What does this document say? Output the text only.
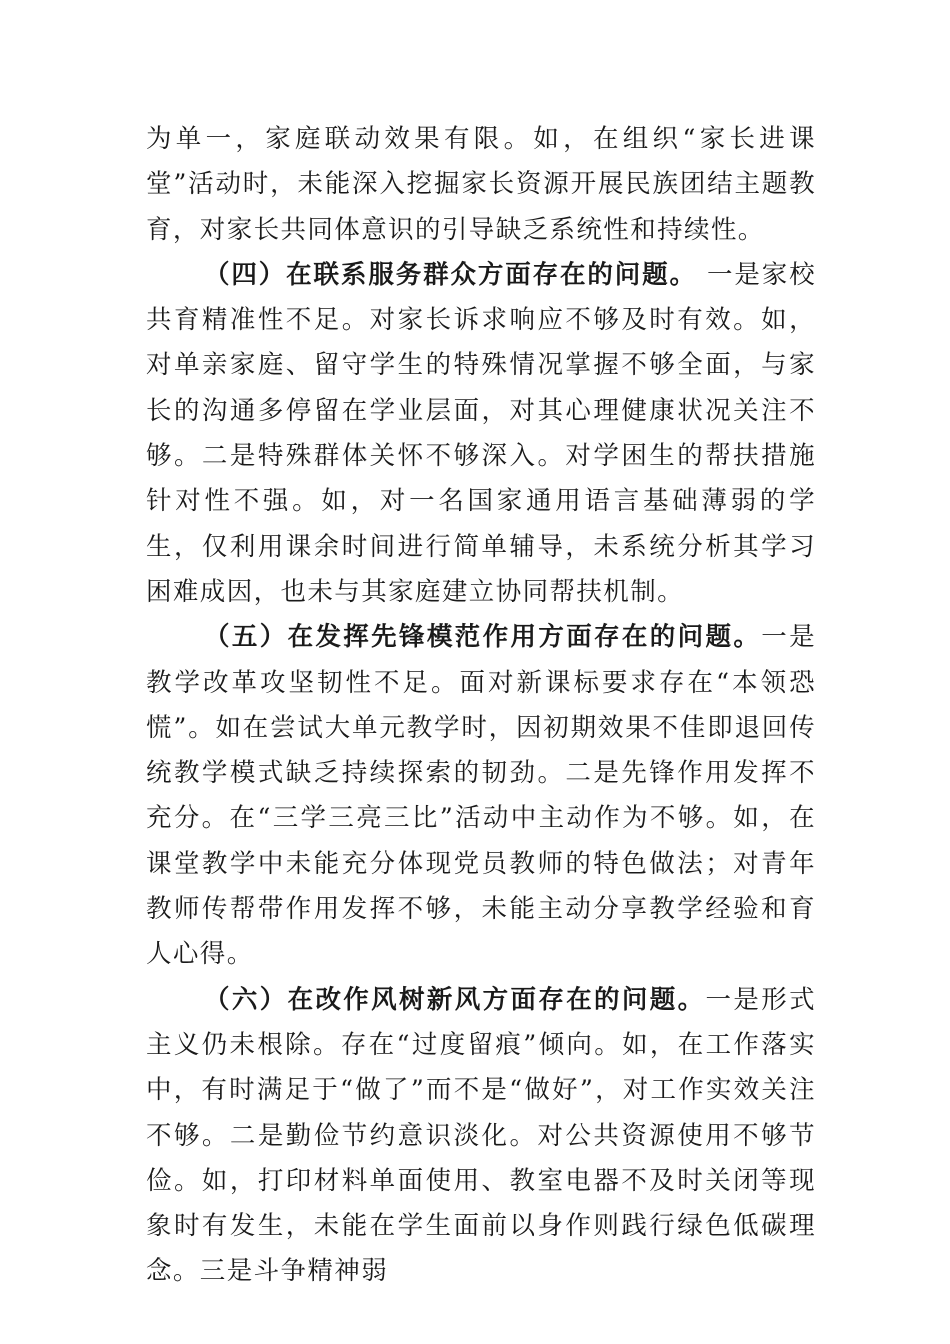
为单一，家庭联动效果有限。如，在组织“家长进课堂”活动时，未能深入挖掘家长资源开展民族团结主题教育，对家长共同体意识的引导缺乏系统性和持续性。

（四）在联系服务群众方面存在的问题。 一是家校共育精准性不足。对家长诉求响应不够及时有效。如，对单亲家庭、留守学生的特殊情况掌握不够全面，与家长的沟通多停留在学业层面，对其心理健康状况关注不够。二是特殊群体关怀不够深入。对学困生的帮扶措施针对性不强。如，对一名国家通用语言基础薄弱的学生，仅利用课余时间进行简单辅导，未系统分析其学习困难成因，也未与其家庭建立协同帮扶机制。

（五）在发挥先锋模范作用方面存在的问题。一是教学改革攻坚韧性不足。面对新课标要求存在“本领恐慌”。如在尝试大单元教学时，因初期效果不佳即退回传统教学模式缺乏持续探索的韧劲。二是先锋作用发挥不充分。在“三学三亮三比”活动中主动作为不够。如，在课堂教学中未能充分体现党员教师的特色做法；对青年教师传帮带作用发挥不够，未能主动分享教学经验和育人心得。

（六）在改作风树新风方面存在的问题。一是形式主义仍未根除。存在“过度留痕”倾向。如，在工作落实中，有时满足于“做了”而不是“做好”，对工作实效关注不够。二是勤俭节约意识淡化。对公共资源使用不够节俭。如，打印材料单面使用、教室电器不及时关闭等现象时有发生，未能在学生面前以身作则践行绿色低碳理念。三是斗争精神弱
